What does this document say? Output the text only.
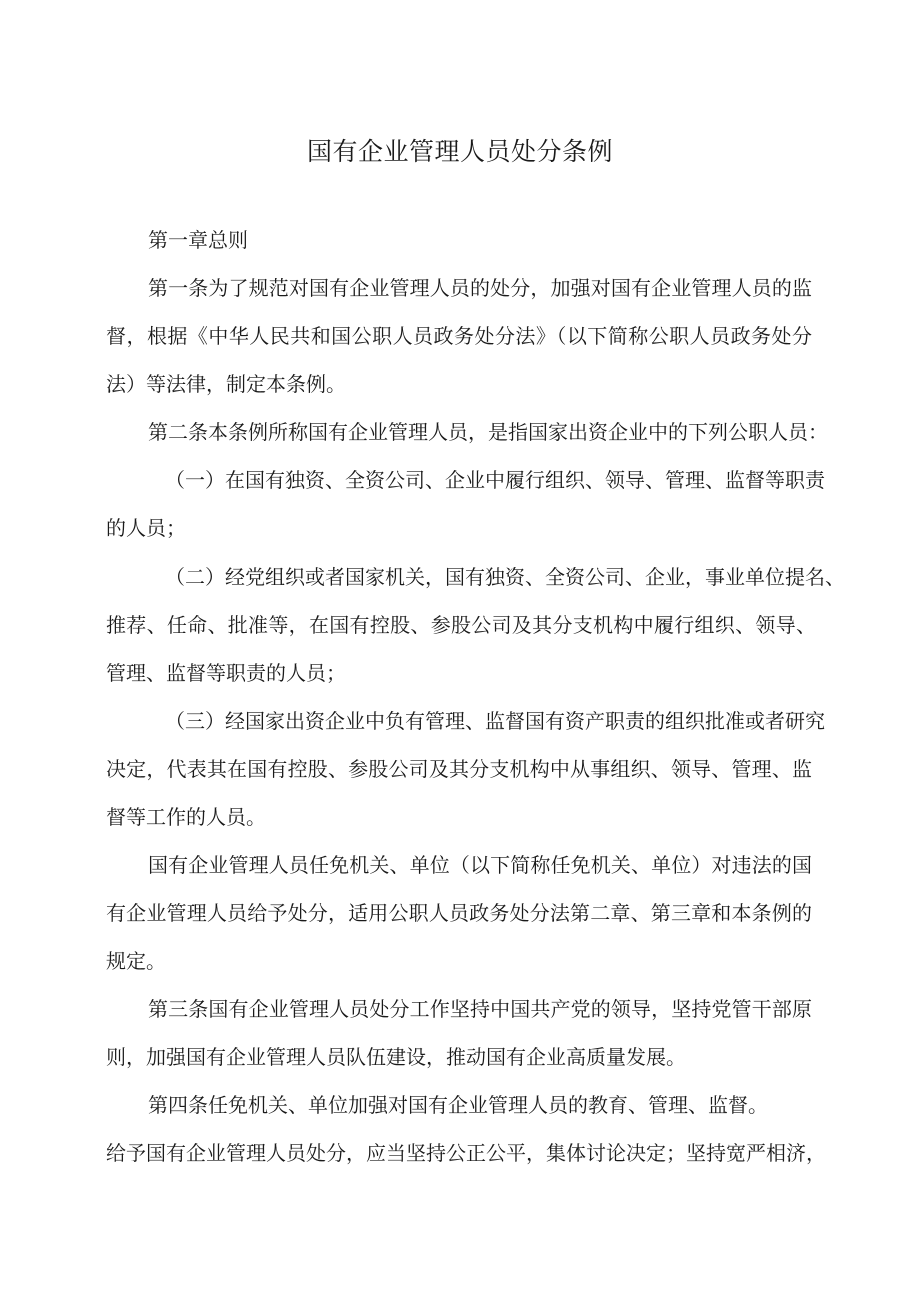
国有企业管理人员处分条例
第一章总则
第一条为了规范对国有企业管理人员的处分，加强对国有企业管理人员的监
督，根据《中华人民共和国公职人员政务处分法》（以下简称公职人员政务处分
法）等法律，制定本条例。
第二条本条例所称国有企业管理人员，是指国家出资企业中的下列公职人员：
（一）在国有独资、全资公司、企业中履行组织、领导、管理、监督等职责
的人员；
（二）经党组织或者国家机关，国有独资、全资公司、企业，事业单位提名、
推荐、任命、批准等，在国有控股、参股公司及其分支机构中履行组织、领导、
管理、监督等职责的人员；
（三）经国家出资企业中负有管理、监督国有资产职责的组织批准或者研究
决定，代表其在国有控股、参股公司及其分支机构中从事组织、领导、管理、监
督等工作的人员。
国有企业管理人员任免机关、单位（以下简称任免机关、单位）对违法的国
有企业管理人员给予处分，适用公职人员政务处分法第二章、第三章和本条例的
规定。
第三条国有企业管理人员处分工作坚持中国共产党的领导，坚持党管干部原
则，加强国有企业管理人员队伍建设，推动国有企业高质量发展。
第四条任免机关、单位加强对国有企业管理人员的教育、管理、监督。
给予国有企业管理人员处分，应当坚持公正公平，集体讨论决定；坚持宽严相济，
